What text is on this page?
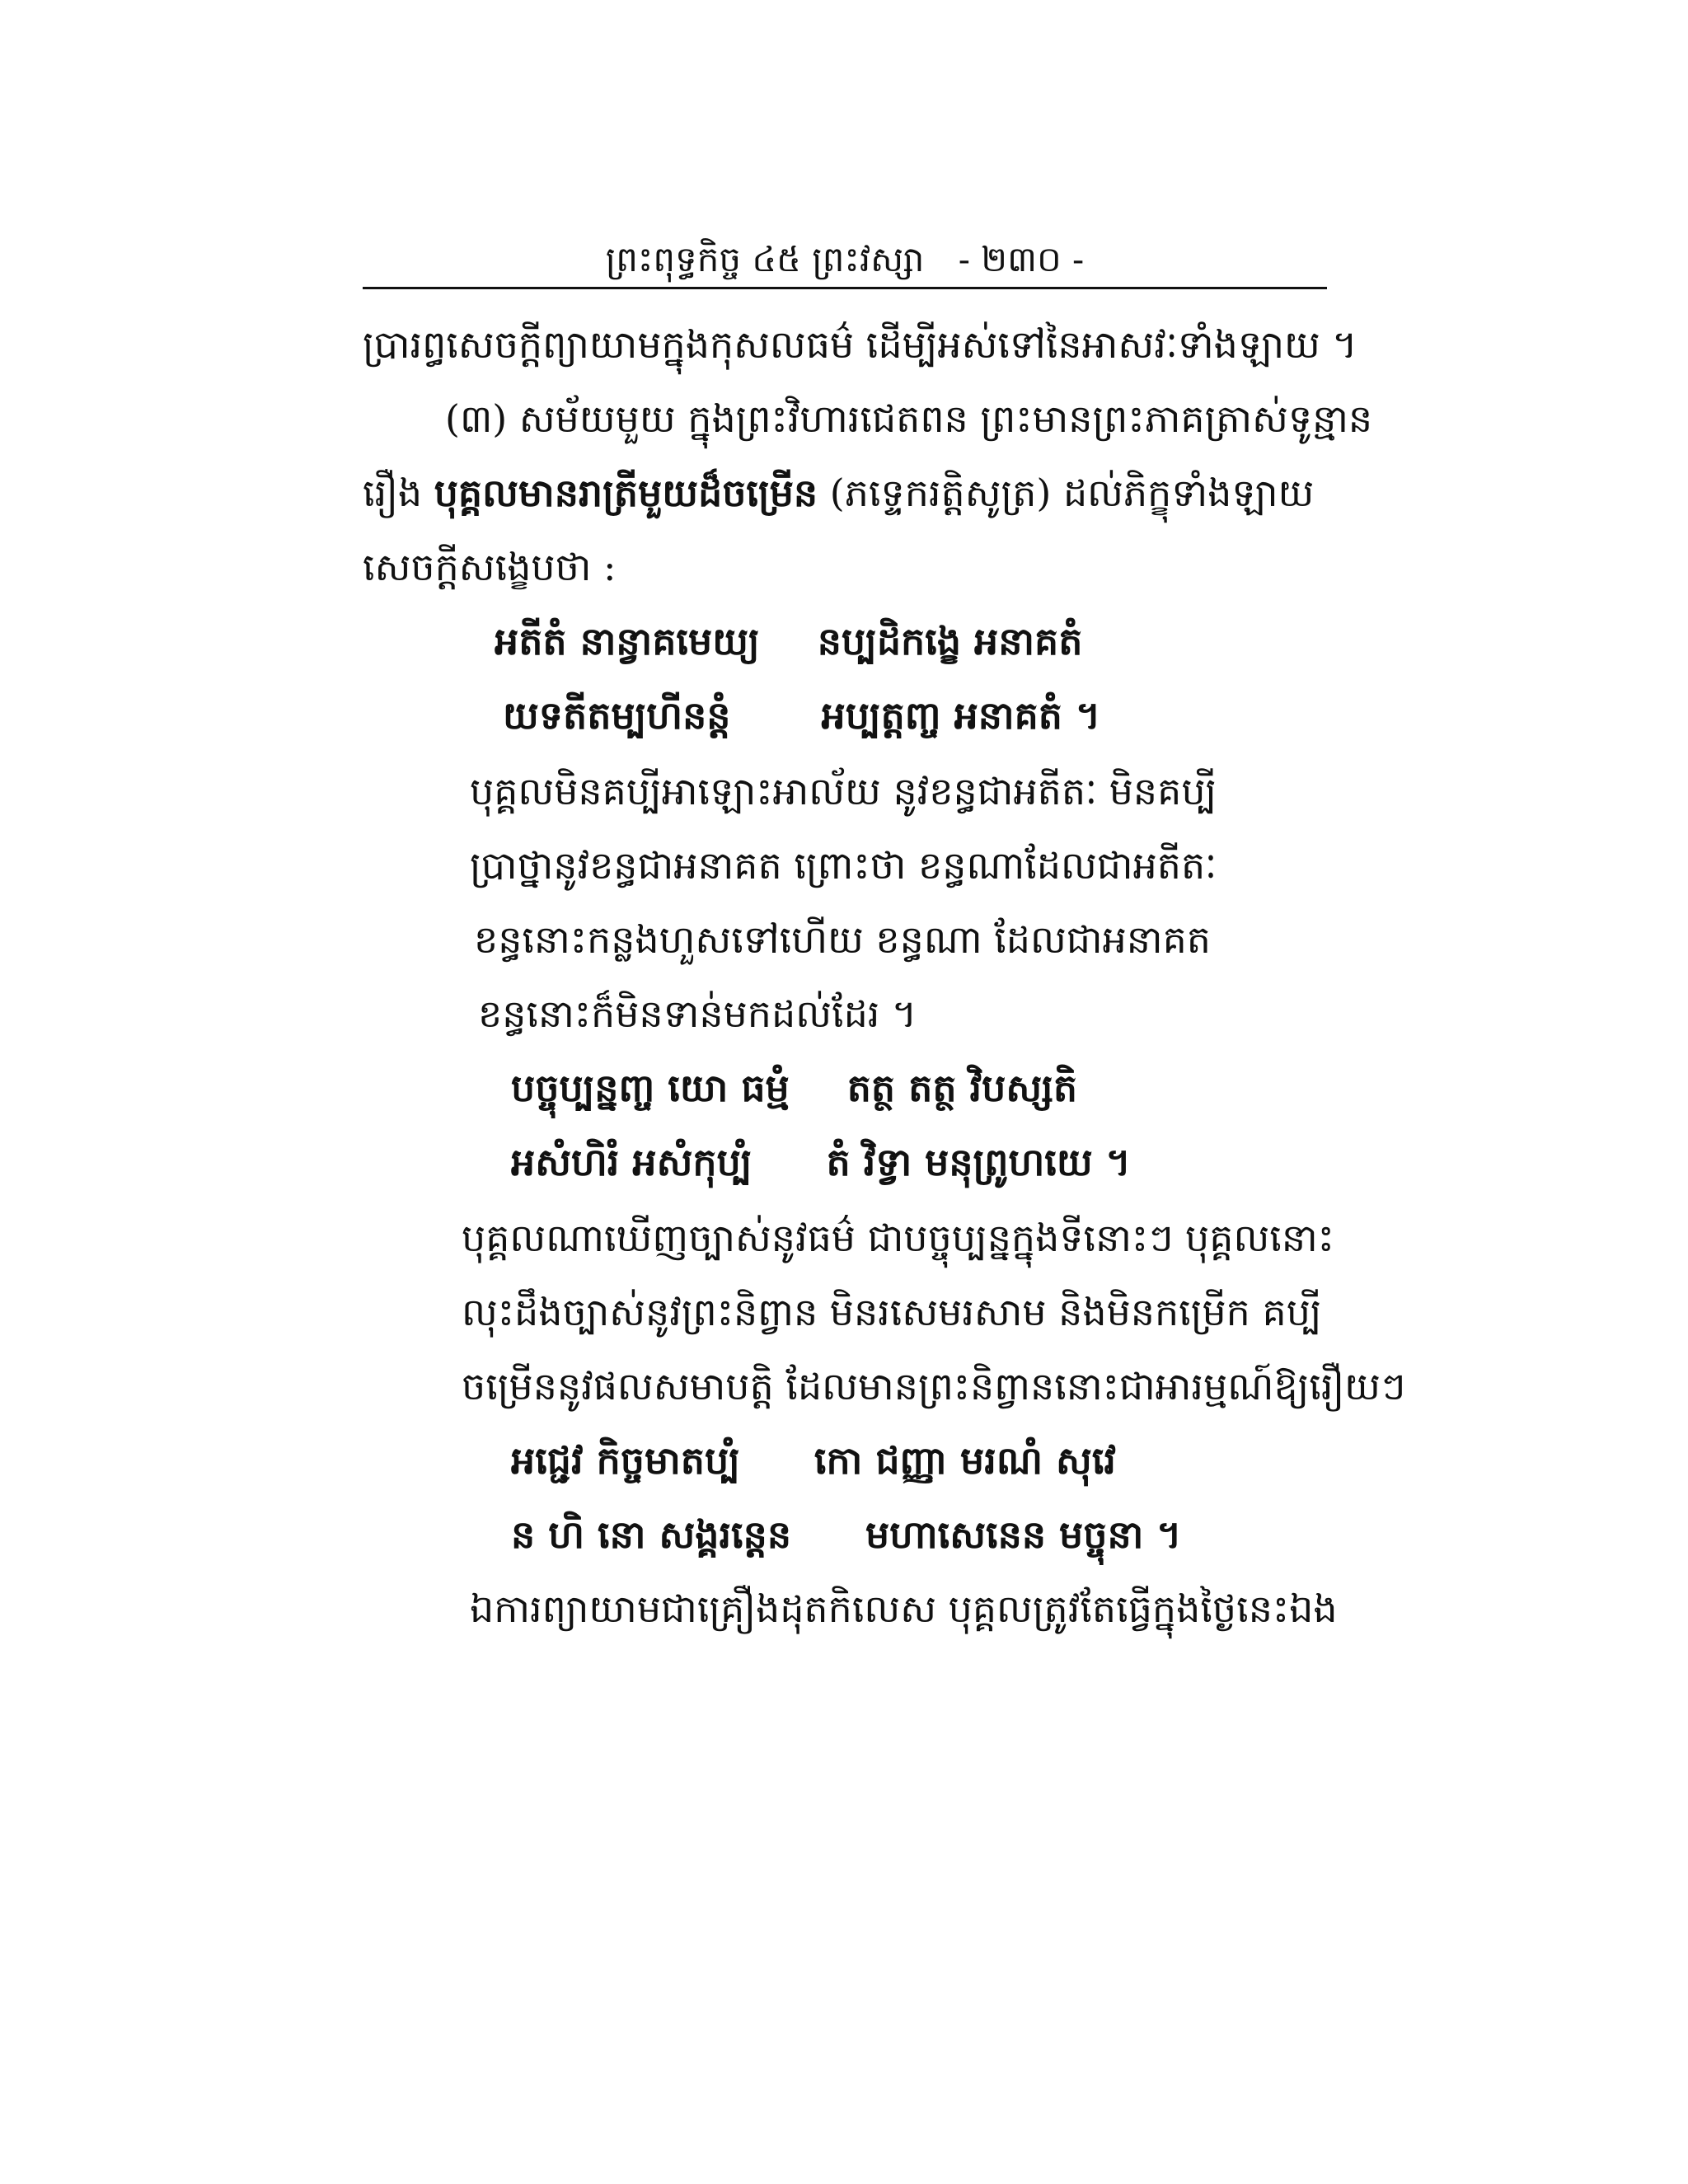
ព្រះពុទ្ធកិច្ច ៤៥ ព្រះវស្សា - ២៣០ -
ប្រារព្ធសេចក្តីព្យាយាមក្នុងកុសលធម៌ ដើម្បីអស់ទៅនៃអាសវៈទាំងឡាយ ។
(៣) សម័យមួយ ក្នុងព្រះវិហារជេតពន ព្រះមានព្រះភាគត្រាស់ទូន្មាន
រឿង បុគ្គលមានរាត្រីមួយដ៏ចម្រើន (ភទ្ទេករត្តិសូត្រ) ដល់ភិក្ខុទាំងឡាយ
សេចក្តីសង្ខេបថា :
អតីតំ នាន្វាគមេយ្យ នប្បដិកង្ខេ អនាគតំ
យទតីតម្បហីនន្តំ អប្បត្តញ្ច អនាគតំ ។
បុគ្គលមិនគប្បីអាឡោះអាល័យ នូវខន្ធជាអតីតៈ មិនគប្បី
ប្រាថ្នានូវខន្ធជាអនាគត ព្រោះថា ខន្ធណាដែលជាអតីតៈ
ខន្ធនោះកន្លងហួសទៅហើយ ខន្ធណា ដែលជាអនាគត
ខន្ធនោះក៏មិនទាន់មកដល់ដែរ ។
បច្ចុប្បន្នញ្ច យោ ធម្មំ តត្ថ តត្ថ វិបស្សតិ
អសំហិរំ អសំកុប្បំ តំ វិទ្វា មនុព្រូហយេ ។
បុគ្គលណាឃើញច្បាស់នូវធម៌ ជាបច្ចុប្បន្នក្នុងទីនោះៗ បុគ្គលនោះ
លុះដឹងច្បាស់នូវព្រះនិព្វាន មិនរសេមរសាម និងមិនកម្រើក គប្បី
ចម្រើននូវផលសមាបត្តិ ដែលមានព្រះនិព្វាននោះជាអារម្មណ៍ឱ្យរឿយៗ
អជ្ជេវ កិច្ចមាតប្បំ កោ ជញ្ញា មរណំ សុវេ
ន ហិ នោ សង្គរន្តេន មហាសេនេន មច្ចុនា ។
ឯការព្យាយាមជាគ្រឿងដុតកិលេស បុគ្គលត្រូវតែធ្វើក្នុងថ្ងៃនេះឯង
